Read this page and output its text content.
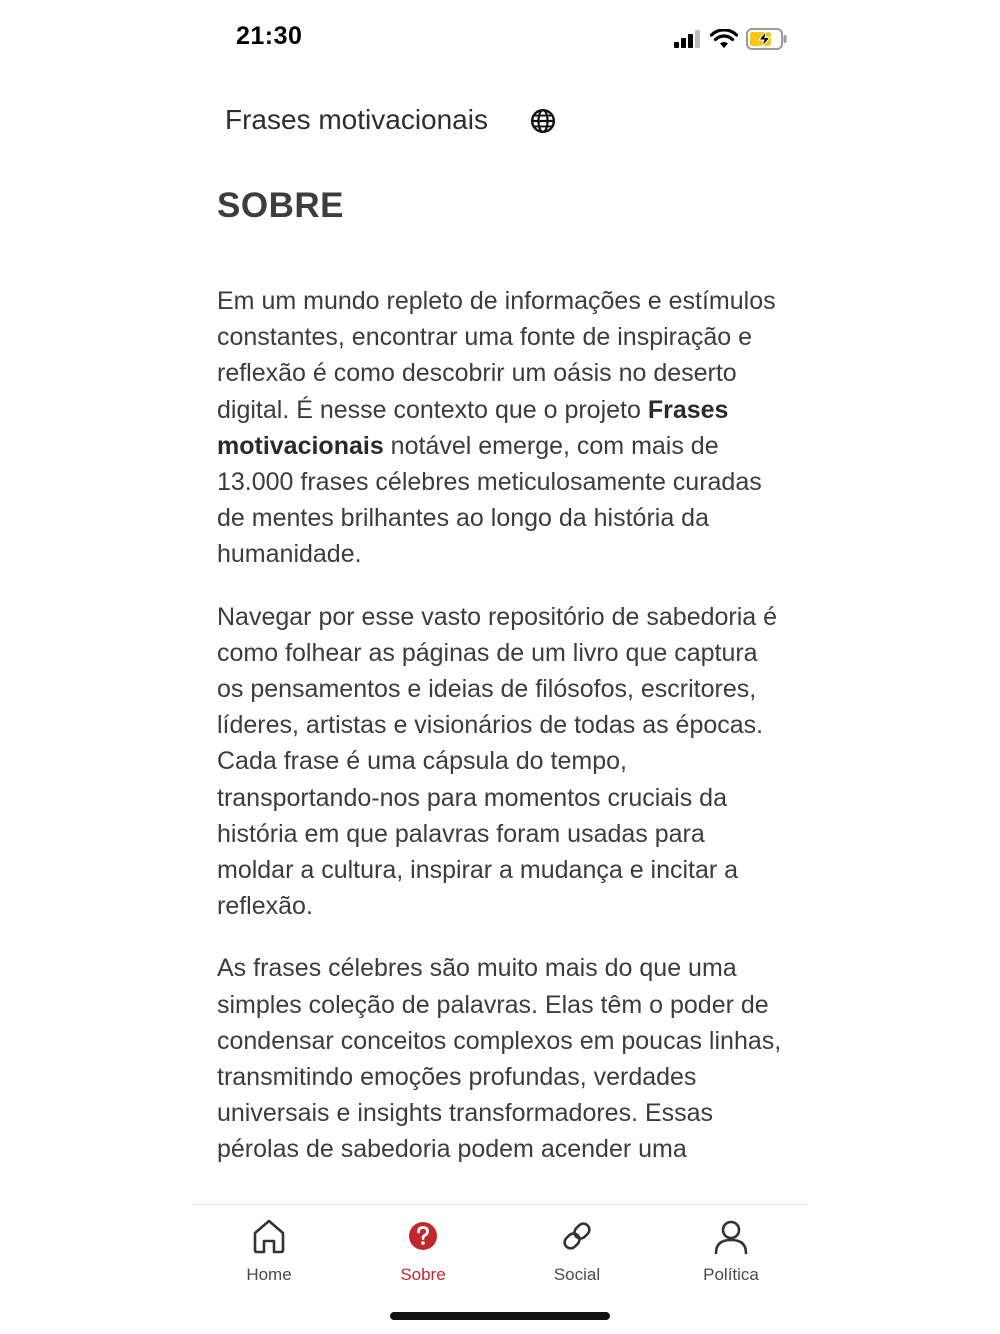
21:30
Frases motivacionais
SOBRE

Em um mundo repleto de informações e estímulos constantes, encontrar uma fonte de inspiração e reflexão é como descobrir um oásis no deserto digital. É nesse contexto que o projeto Frases motivacionais notável emerge, com mais de 13.000 frases célebres meticulosamente curadas de mentes brilhantes ao longo da história da humanidade.

Navegar por esse vasto repositório de sabedoria é como folhear as páginas de um livro que captura os pensamentos e ideias de filósofos, escritores, líderes, artistas e visionários de todas as épocas. Cada frase é uma cápsula do tempo, transportando-nos para momentos cruciais da história em que palavras foram usadas para moldar a cultura, inspirar a mudança e incitar a reflexão.

As frases célebres são muito mais do que uma simples coleção de palavras. Elas têm o poder de condensar conceitos complexos em poucas linhas, transmitindo emoções profundas, verdades universais e insights transformadores. Essas pérolas de sabedoria podem acender uma

Home	Sobre	Social	Política
